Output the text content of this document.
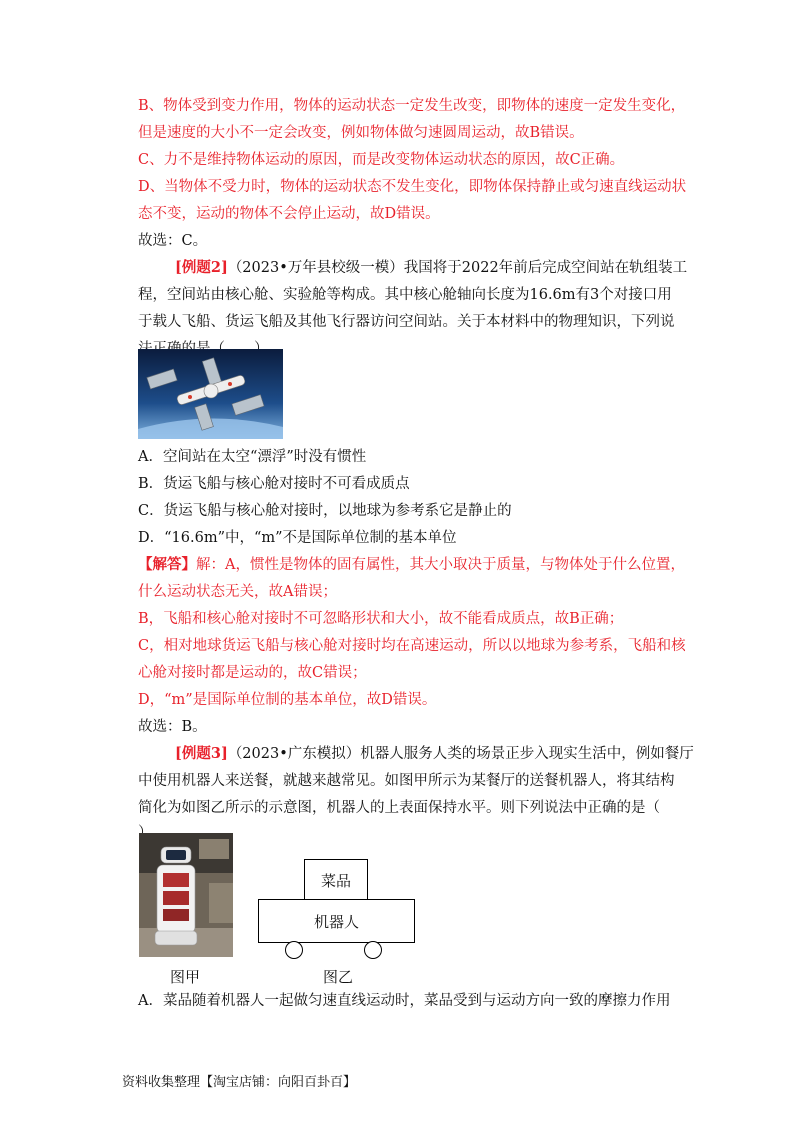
B、物体受到变力作用，物体的运动状态一定发生改变，即物体的速度一定发生变化，
但是速度的大小不一定会改变，例如物体做匀速圆周运动，故B错误。
C、力不是维持物体运动的原因，而是改变物体运动状态的原因，故C正确。
D、当物体不受力时，物体的运动状态不发生变化，即物体保持静止或匀速直线运动状
态不变，运动的物体不会停止运动，故D错误。
故选：C。
[例题2]（2023•万年县校级一模）我国将于2022年前后完成空间站在轨组装工
程，空间站由核心舱、实验舱等构成。其中核心舱轴向长度为16.6m有3个对接口用
于载人飞船、货运飞船及其他飞行器访问空间站。关于本材料中的物理知识，下列说
A．空间站在太空“漂浮”时没有惯性
B．货运飞船与核心舱对接时不可看成质点
C．货运飞船与核心舱对接时，以地球为参考系它是静止的
D．“16.6m”中，“m”不是国际单位制的基本单位
【解答】解：A，惯性是物体的固有属性，其大小取决于质量，与物体处于什么位置，
什么运动状态无关，故A错误；
B，飞船和核心舱对接时不可忽略形状和大小，故不能看成质点，故B正确；
C，相对地球货运飞船与核心舱对接时均在高速运动，所以以地球为参考系，飞船和核
心舱对接时都是运动的，故C错误；
D，“m”是国际单位制的基本单位，故D错误。
故选：B。
[例题3]（2023•广东模拟）机器人服务人类的场景正步入现实生活中，例如餐厅
中使用机器人来送餐，就越来越常见。如图甲所示为某餐厅的送餐机器人，将其结构
简化为如图乙所示的示意图，机器人的上表面保持水平。则下列说法中正确的是（
图甲
菜品
机器人
图乙
A．菜品随着机器人一起做匀速直线运动时，菜品受到与运动方向一致的摩擦力作用
资料收集整理【淘宝店铺：向阳百卦百】
